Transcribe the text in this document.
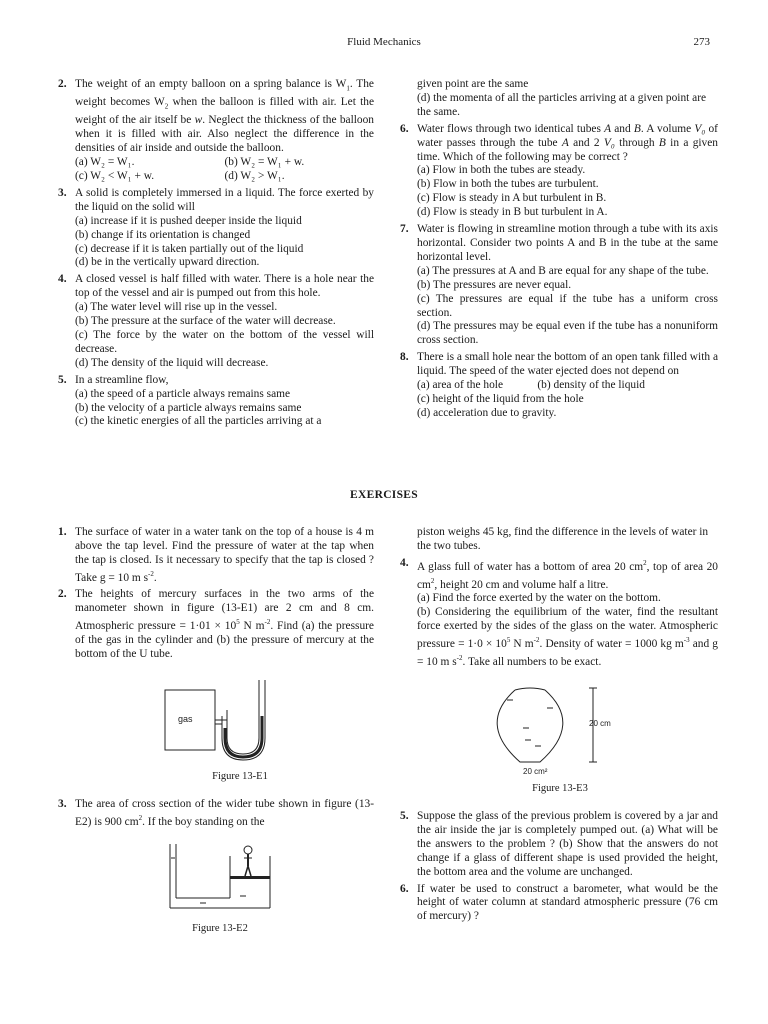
Fluid Mechanics	273
2. The weight of an empty balloon on a spring balance is $W_1$. The weight becomes $W_2$ when the balloon is filled with air. Let the weight of the air itself be w. Neglect the thickness of the balloon when it is filled with air. Also neglect the difference in the densities of air inside and outside the balloon.
(a) W₂ = W₁.	(b) W₂ = W₁ + w.
(c) W₂ < W₁ + w.	(d) W₂ > W₁.
3. A solid is completely immersed in a liquid. The force exerted by the liquid on the solid will
(a) increase if it is pushed deeper inside the liquid
(b) change if its orientation is changed
(c) decrease if it is taken partially out of the liquid
(d) be in the vertically upward direction.
4. A closed vessel is half filled with water. There is a hole near the top of the vessel and air is pumped out from this hole.
(a) The water level will rise up in the vessel.
(b) The pressure at the surface of the water will decrease.
(c) The force by the water on the bottom of the vessel will decrease.
(d) The density of the liquid will decrease.
5. In a streamline flow,
(a) the speed of a particle always remains same
(b) the velocity of a particle always remains same
(c) the kinetic energies of all the particles arriving at a
given point are the same
(d) the momenta of all the particles arriving at a given point are the same.
6. Water flows through two identical tubes A and B. A volume V₀ of water passes through the tube A and 2 V₀ through B in a given time. Which of the following may be correct ?
(a) Flow in both the tubes are steady.
(b) Flow in both the tubes are turbulent.
(c) Flow is steady in A but turbulent in B.
(d) Flow is steady in B but turbulent in A.
7. Water is flowing in streamline motion through a tube with its axis horizontal. Consider two points A and B in the tube at the same horizontal level.
(a) The pressures at A and B are equal for any shape of the tube.
(b) The pressures are never equal.
(c) The pressures are equal if the tube has a uniform cross section.
(d) The pressures may be equal even if the tube has a nonuniform cross section.
8. There is a small hole near the bottom of an open tank filled with a liquid. The speed of the water ejected does not depend on
(a) area of the hole	(b) density of the liquid
(c) height of the liquid from the hole
(d) acceleration due to gravity.
EXERCISES
1. The surface of water in a water tank on the top of a house is 4 m above the tap level. Find the pressure of water at the tap when the tap is closed. Is it necessary to specify that the tap is closed ? Take g = 10 m $s^{-2}$.
2. The heights of mercury surfaces in the two arms of the manometer shown in figure (13-E1) are 2 cm and 8 cm. Atmospheric pressure = $1\cdot 01 \times 10^5$ N $m^{-2}$. Find (a) the pressure of the gas in the cylinder and (b) the pressure of mercury at the bottom of the U tube.
gas
Figure 13-E1
3. The area of cross section of the wider tube shown in figure (13-E2) is 900 $cm^2$. If the boy standing on the
Figure 13-E2
piston weighs 45 kg, find the difference in the levels of water in the two tubes.
4. A glass full of water has a bottom of area 20 $cm^2$, top of area 20 $cm^2$, height 20 cm and volume half a litre.
(a) Find the force exerted by the water on the bottom.
(b) Considering the equilibrium of the water, find the resultant force exerted by the sides of the glass on the water. Atmospheric pressure = $1\cdot 0 \times 10^5$ N $m^{-2}$. Density of water = 1000 kg $m^{-3}$ and g = 10 m $s^{-2}$. Take all numbers to be exact.
20 cm
20 cm²
Figure 13-E3
5. Suppose the glass of the previous problem is covered by a jar and the air inside the jar is completely pumped out. (a) What will be the answers to the problem ? (b) Show that the answers do not change if a glass of different shape is used provided the height, the bottom area and the volume are unchanged.
6. If water be used to construct a barometer, what would be the height of water column at standard atmospheric pressure (76 cm of mercury) ?
